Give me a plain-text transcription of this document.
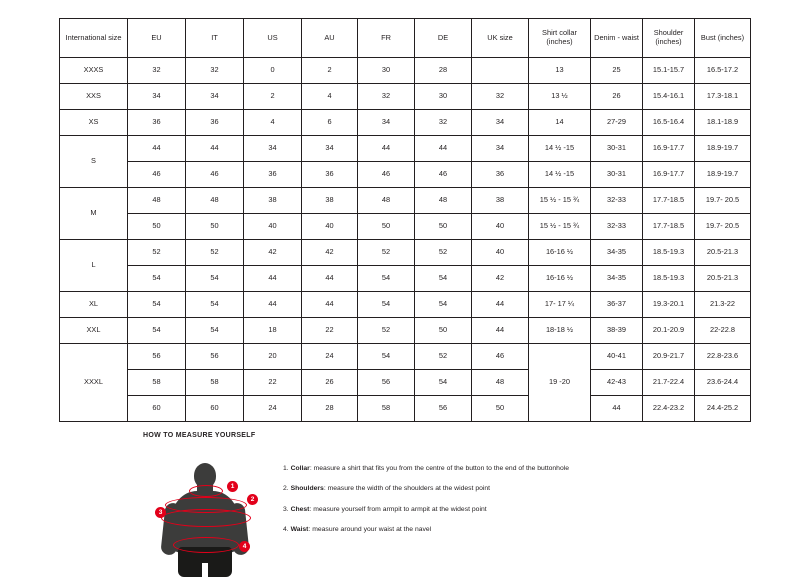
International size	EU	IT	US	AU	FR	DE	UK size	Shirt collar (inches)	Denim - waist	Shoulder (inches)	Bust (inches)
XXXS	32	32	0	2	30	28		13	25	15.1-15.7	16.5-17.2
XXS	34	34	2	4	32	30	32	13 ½	26	15.4-16.1	17.3-18.1
XS	36	36	4	6	34	32	34	14	27-29	16.5-16.4	18.1-18.9
S	44	44	34	34	44	44	34	14 ½ -15	30-31	16.9-17.7	18.9-19.7
	46	46	36	36	46	46	36	14 ½ -15	30-31	16.9-17.7	18.9-19.7
M	48	48	38	38	48	48	38	15 ½ - 15 ¾	32-33	17.7-18.5	19.7- 20.5
	50	50	40	40	50	50	40	15 ½ - 15 ¾	32-33	17.7-18.5	19.7- 20.5
L	52	52	42	42	52	52	40	16-16 ½	34-35	18.5-19.3	20.5-21.3
	54	54	44	44	54	54	42	16-16 ½	34-35	18.5-19.3	20.5-21.3
XL	54	54	44	44	54	54	44	17- 17 ¼	36-37	19.3-20.1	21.3-22
XXL	54	54	18	22	52	50	44	18-18 ½	38-39	20.1-20.9	22-22.8
XXXL	56	56	20	24	54	52	46	19 -20	40-41	20.9-21.7	22.8-23.6
	58	58	22	26	56	54	48		42-43	21.7-22.4	23.6-24.4
	60	60	24	28	58	56	50		44	22.4-23.2	24.4-25.2
HOW TO MEASURE YOURSELF
1
2
3
4
1. Collar: measure a shirt that fits you from the centre of the button to the end of the buttonhole
2. Shoulders: measure the width of the shoulders at the widest point
3. Chest: measure yourself from armpit to armpit at the widest point
4. Waist: measure around your waist at the navel
